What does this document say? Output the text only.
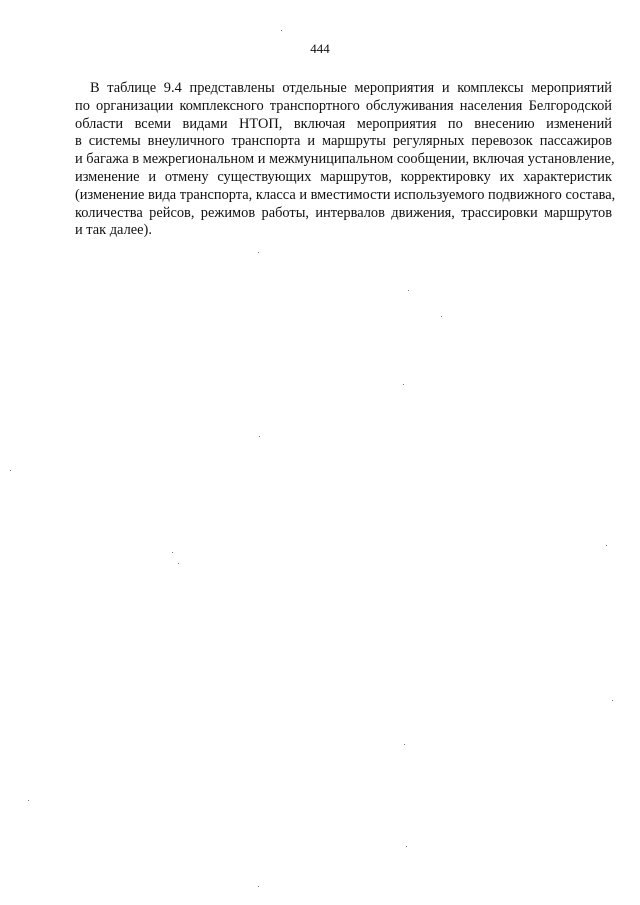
444
В таблице 9.4 представлены отдельные мероприятия и комплексы мероприятий
по организации комплексного транспортного обслуживания населения Белгородской
области всеми видами НТОП, включая мероприятия по внесению изменений
в системы внеуличного транспорта и маршруты регулярных перевозок пассажиров
и багажа в межрегиональном и межмуниципальном сообщении, включая установление,
изменение и отмену существующих маршрутов, корректировку их характеристик
(изменение вида транспорта, класса и вместимости используемого подвижного состава,
количества рейсов, режимов работы, интервалов движения, трассировки маршрутов
и так далее).
